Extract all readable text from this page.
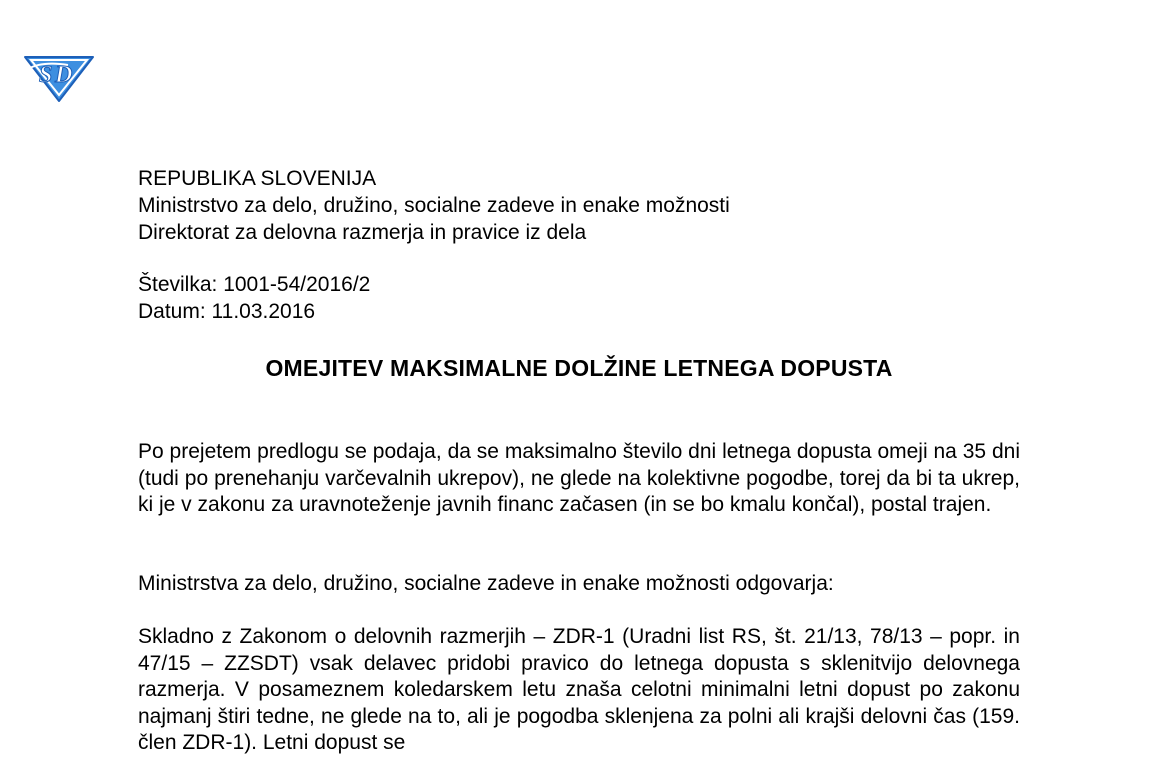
S D
REPUBLIKA SLOVENIJA
Ministrstvo za delo, družino, socialne zadeve in enake možnosti
Direktorat za delovna razmerja in pravice iz dela
Številka: 1001-54/2016/2
Datum: 11.03.2016
OMEJITEV MAKSIMALNE DOLŽINE LETNEGA DOPUSTA

Po prejetem predlogu se podaja, da se maksimalno število dni letnega dopusta omeji na 35 dni (tudi po prenehanju varčevalnih ukrepov), ne glede na kolektivne pogodbe, torej da bi ta ukrep, ki je v zakonu za uravnoteženje javnih financ začasen (in se bo kmalu končal), postal trajen.

Ministrstva za delo, družino, socialne zadeve in enake možnosti odgovarja:

Skladno z Zakonom o delovnih razmerjih – ZDR-1 (Uradni list RS, št. 21/13, 78/13 – popr. in 47/15 – ZZSDT) vsak delavec pridobi pravico do letnega dopusta s sklenitvijo delovnega razmerja. V posameznem koledarskem letu znaša celotni minimalni letni dopust po zakonu najmanj štiri tedne, ne glede na to, ali je pogodba sklenjena za polni ali krajši delovni čas (159. člen ZDR-1). Letni dopust se
